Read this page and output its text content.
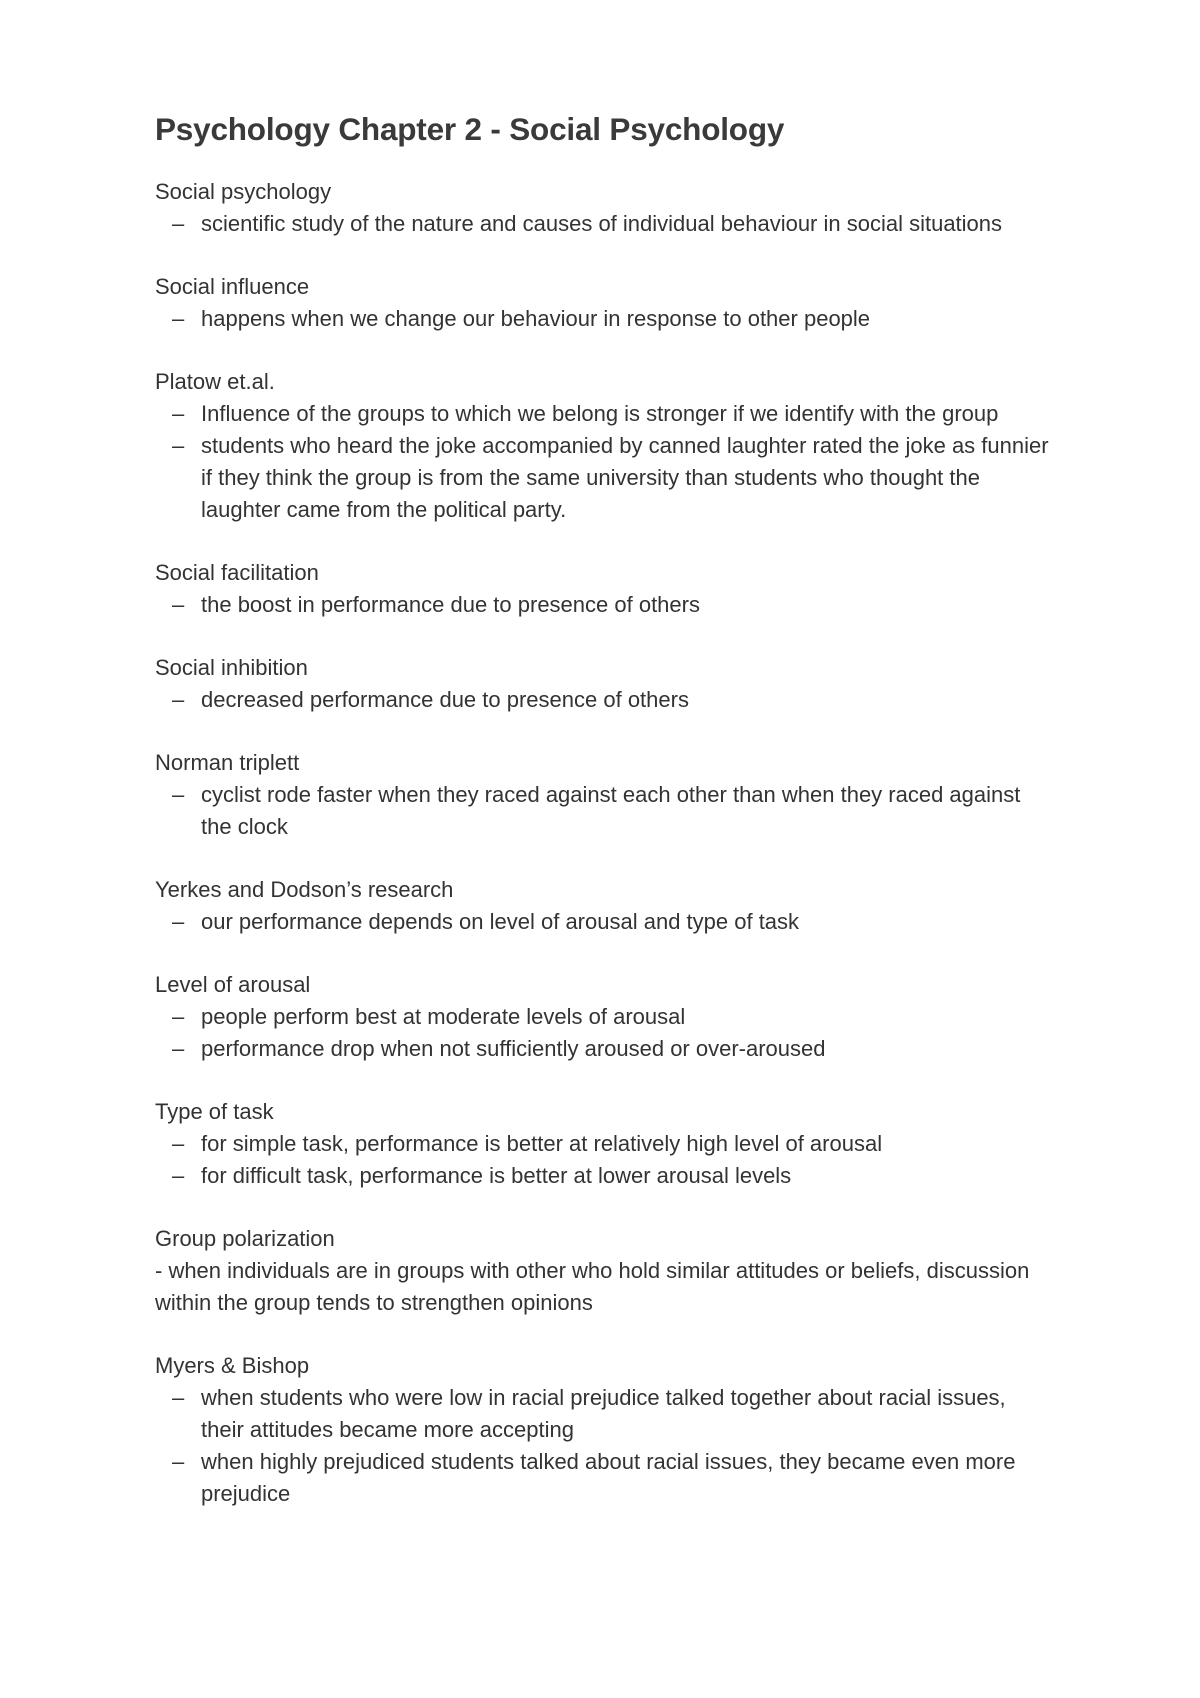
Psychology Chapter 2 - Social Psychology
Social psychology
– scientific study of the nature and causes of individual behaviour in social situations
Social influence
– happens when we change our behaviour in response to other people
Platow et.al.
– Influence of the groups to which we belong is stronger if we identify with the group
– students who heard the joke accompanied by canned laughter rated the joke as funnier if they think the group is from the same university than students who thought the laughter came from the political party.
Social facilitation
– the boost in performance due to presence of others
Social inhibition
– decreased performance due to presence of others
Norman triplett
– cyclist rode faster when they raced against each other than when they raced against the clock
Yerkes and Dodson’s research
– our performance depends on level of arousal and type of task
Level of arousal
– people perform best at moderate levels of arousal
– performance drop when not sufficiently aroused or over-aroused
Type of task
– for simple task, performance is better at relatively high level of arousal
– for difficult task, performance is better at lower arousal levels
Group polarization

- when individuals are in groups with other who hold similar attitudes or beliefs, discussion within the group tends to strengthen opinions

Myers & Bishop
– when students who were low in racial prejudice talked together about racial issues, their attitudes became more accepting
– when highly prejudiced students talked about racial issues, they became even more prejudice
